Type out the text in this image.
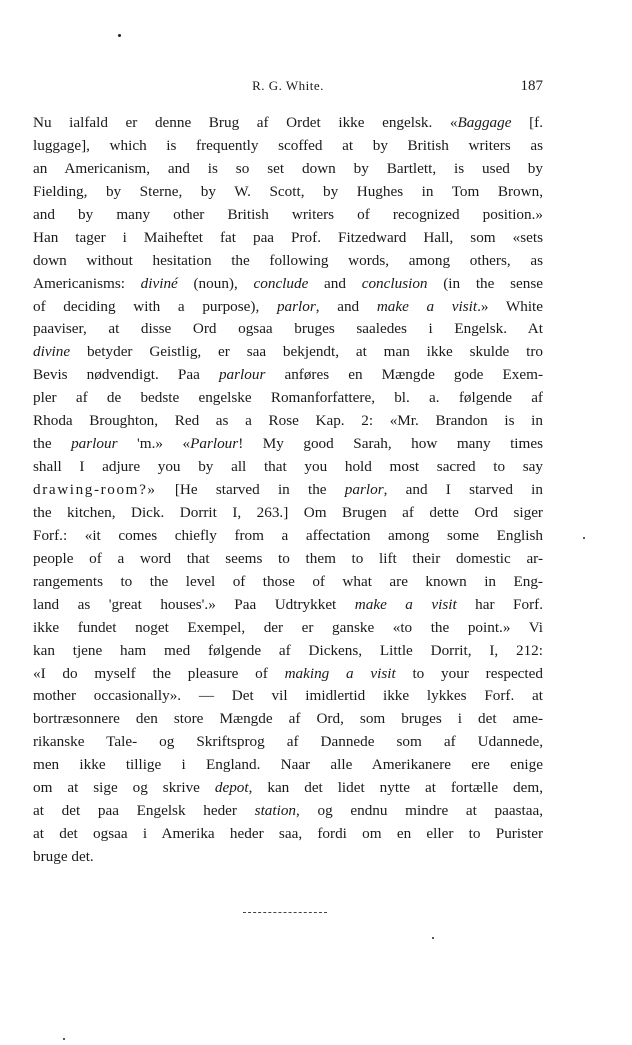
R. G. White.	187
Nu ialfald er denne Brug af Ordet ikke engelsk. «Baggage [f.
luggage], which is frequently scoffed at by British writers as
an Americanism, and is so set down by Bartlett, is used by
Fielding, by Sterne, by W. Scott, by Hughes in Tom Brown,
and by many other British writers of recognized position.»
Han tager i Maiheftet fat paa Prof. Fitzedward Hall, som «sets
down without hesitation the following words, among others, as
Americanisms: diviné (noun), conclude and conclusion (in the sense
of deciding with a purpose), parlor, and make a visit.» White
paaviser, at disse Ord ogsaa bruges saaledes i Engelsk. At
divine betyder Geistlig, er saa bekjendt, at man ikke skulde tro
Bevis nødvendigt. Paa parlour anføres en Mængde gode Exem-
pler af de bedste engelske Romanforfattere, bl. a. følgende af
Rhoda Broughton, Red as a Rose Kap. 2: «Mr. Brandon is in
the parlour 'm.» «Parlour! My good Sarah, how many times
shall I adjure you by all that you hold most sacred to say
drawing-room?» [He starved in the parlor, and I starved in
the kitchen, Dick. Dorrit I, 263.] Om Brugen af dette Ord siger
Forf.: «it comes chiefly from a affectation among some English
people of a word that seems to them to lift their domestic ar-
rangements to the level of those of what are known in Eng-
land as 'great houses'.» Paa Udtrykket make a visit har Forf.
ikke fundet noget Exempel, der er ganske «to the point.» Vi
kan tjene ham med følgende af Dickens, Little Dorrit, I, 212:
«I do myself the pleasure of making a visit to your respected
mother occasionally». — Det vil imidlertid ikke lykkes Forf. at
bortræsonnere den store Mængde af Ord, som bruges i det ame-
rikanske Tale- og Skriftsprog af Dannede som af Udannede,
men ikke tillige i England. Naar alle Amerikanere ere enige
om at sige og skrive depot, kan det lidet nytte at fortælle dem,
at det paa Engelsk heder station, og endnu mindre at paastaa,
at det ogsaa i Amerika heder saa, fordi om en eller to Purister
bruge det.
